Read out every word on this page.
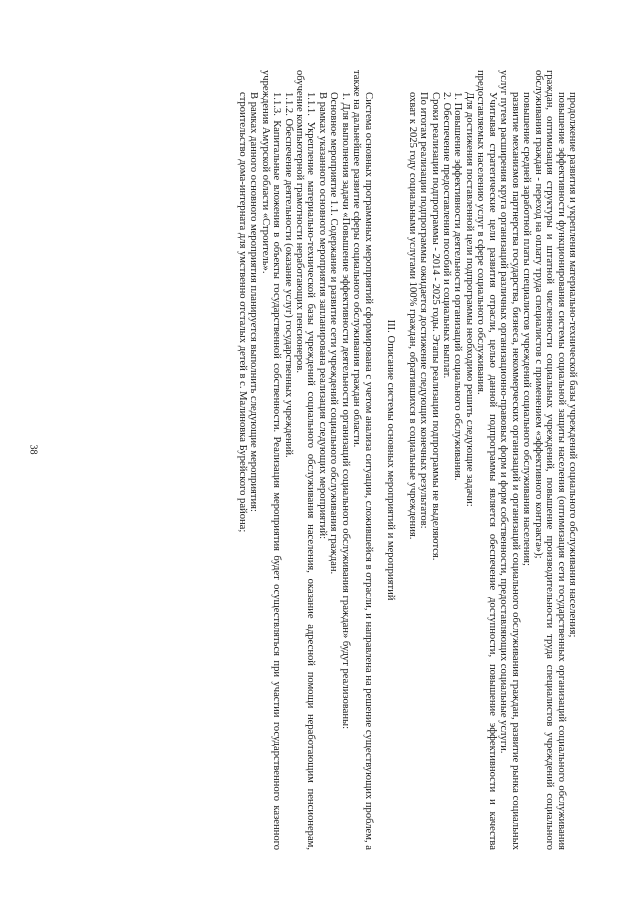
38	продолжение развития и укрепления материально-технической базы учреждений социального обслуживания населения;

повышение эффективности функционирования системы социальной защиты населения (оптимизация сети государственных организаций социального обслуживания граждан, оптимизация структуры и штатной численности социальных учреждений, повышение производительности труда специалистов учреждений социального обслуживания граждан - переход на оплату труда специалистов с применением «эффективного контракта»);

повышение средней заработной платы специалистов учреждений социального обслуживания населения;

развитие механизмов партнерства государства, бизнеса, некоммерческих организаций и организаций социального обслуживания граждан, развитие рынка социальных услуг путем расширения круга организаций различных организационно-правовых форм и форм собственности, предоставляющих социальные услуги.

Учитывая стратегические цели развития отрасли, целью данной подпрограммы является обеспечение доступности, повышение эффективности и качества предоставляемых населению услуг в сфере социального обслуживания.

Для достижения поставленной цели подпрограммы необходимо решить следующие задачи:

1. Повышение эффективности деятельности организаций социального обслуживания.

2. Обеспечение предоставления пособий и социальных выплат.

Сроки реализации подпрограммы - 2014 - 2025 годы. Этапы реализации подпрограммы не выделяются.

По итогам реализации подпрограммы ожидается достижение следующих конечных результатов:

охват к 2025 году социальными услугами 100% граждан, обратившихся в социальные учреждения.

III. Описание системы основных мероприятий и мероприятий

Система основных программных мероприятий сформирована с учетом анализа ситуации, сложившейся в отрасли, и направлена на решение существующих проблем, а также на дальнейшее развитие сферы социального обслуживания граждан области.

1. Для выполнения задачи «Повышение эффективности деятельности организаций социального обслуживания граждан» будут реализованы:

Основное мероприятие 1.1. Содержание и развитие сети учреждений социального обслуживания граждан.

В рамках указанного основного мероприятия запланирована реализация следующих мероприятий:

1.1.1. Укрепление материально-технической базы учреждений социального обслуживания населения, оказание адресной помощи неработающим пенсионерам, обучение компьютерной грамотности неработающих пенсионеров.

1.1.2. Обеспечение деятельности (оказание услуг) государственных учреждений.

1.1.3. Капитальные вложения в объекты государственной собственности. Реализация мероприятия будет осуществляться при участии государственного казенного учреждения Амурской области «Строитель».

В рамках данного основного мероприятия планируется выполнить следующие мероприятия:

строительство дома-интерната для умственно отсталых детей в с. Малиновка Бурейского района;
